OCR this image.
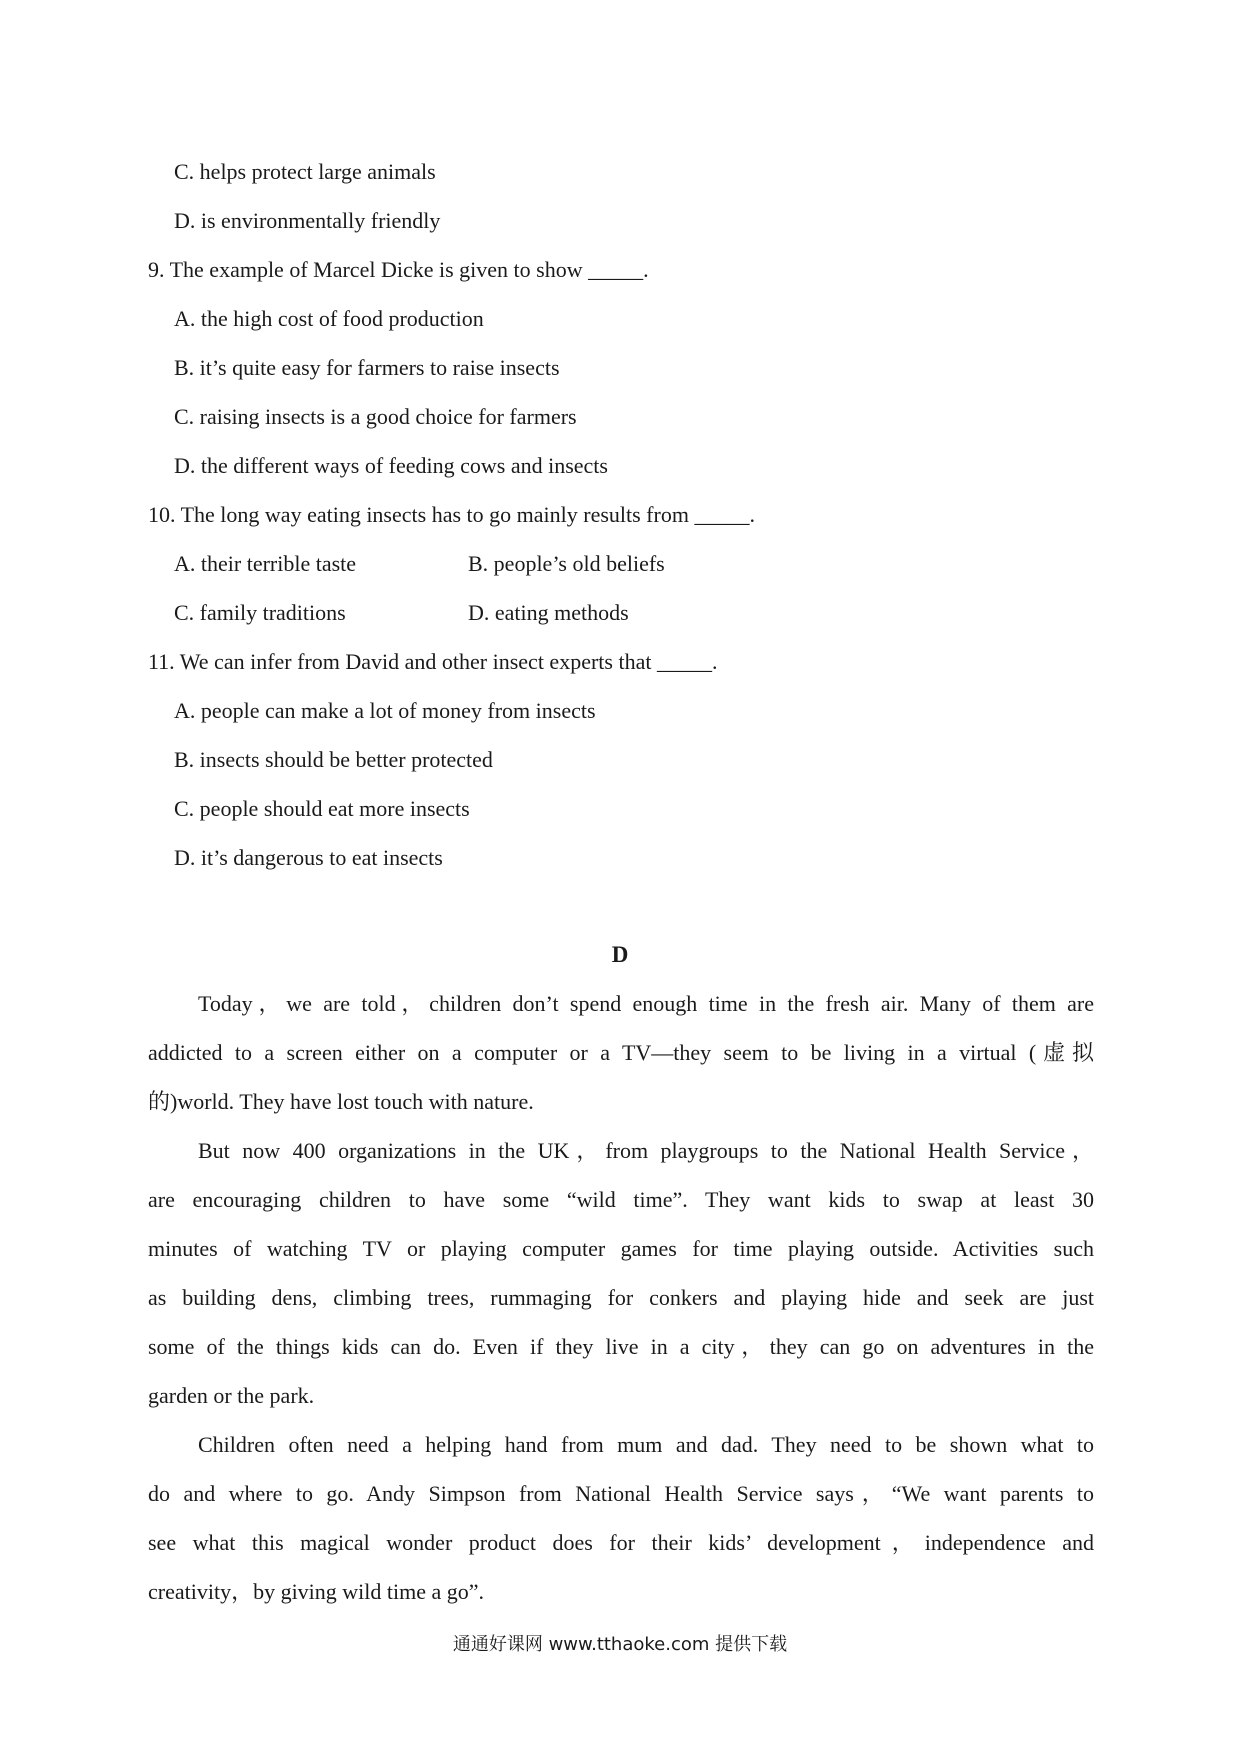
C. helps protect large animals
D. is environmentally friendly
9. The example of Marcel Dicke is given to show _____.
A. the high cost of food production
B. it’s quite easy for farmers to raise insects
C. raising insects is a good choice for farmers
D. the different ways of feeding cows and insects
10. The long way eating insects has to go mainly results from _____.
A. their terrible taste	B. people’s old beliefs
C. family traditions	D. eating methods
11. We can infer from David and other insect experts that _____.
A. people can make a lot of money from insects
B. insects should be better protected
C. people should eat more insects
D. it’s dangerous to eat insects
D
Today，we are told，children don’t spend enough time in the fresh air. Many of them are
addicted to a screen either on a computer or a TV—they seem to be living in a virtual (虚拟
的)world. They have lost touch with nature.
But now 400 organizations in the UK，from playgroups to the National Health Service，
are encouraging children to have some “wild time”. They want kids to swap at least 30
minutes of watching TV or playing computer games for time playing outside. Activities such
as building dens, climbing trees, rummaging for conkers and playing hide and seek are just
some of the things kids can do. Even if they live in a city，they can go on adventures in the
garden or the park.
Children often need a helping hand from mum and dad. They need to be shown what to
do and where to go. Andy Simpson from National Health Service says，“We want parents to
see what this magical wonder product does for their kids’ development，independence and
creativity，by giving wild time a go”.
通通好课网 www.tthaoke.com 提供下载
